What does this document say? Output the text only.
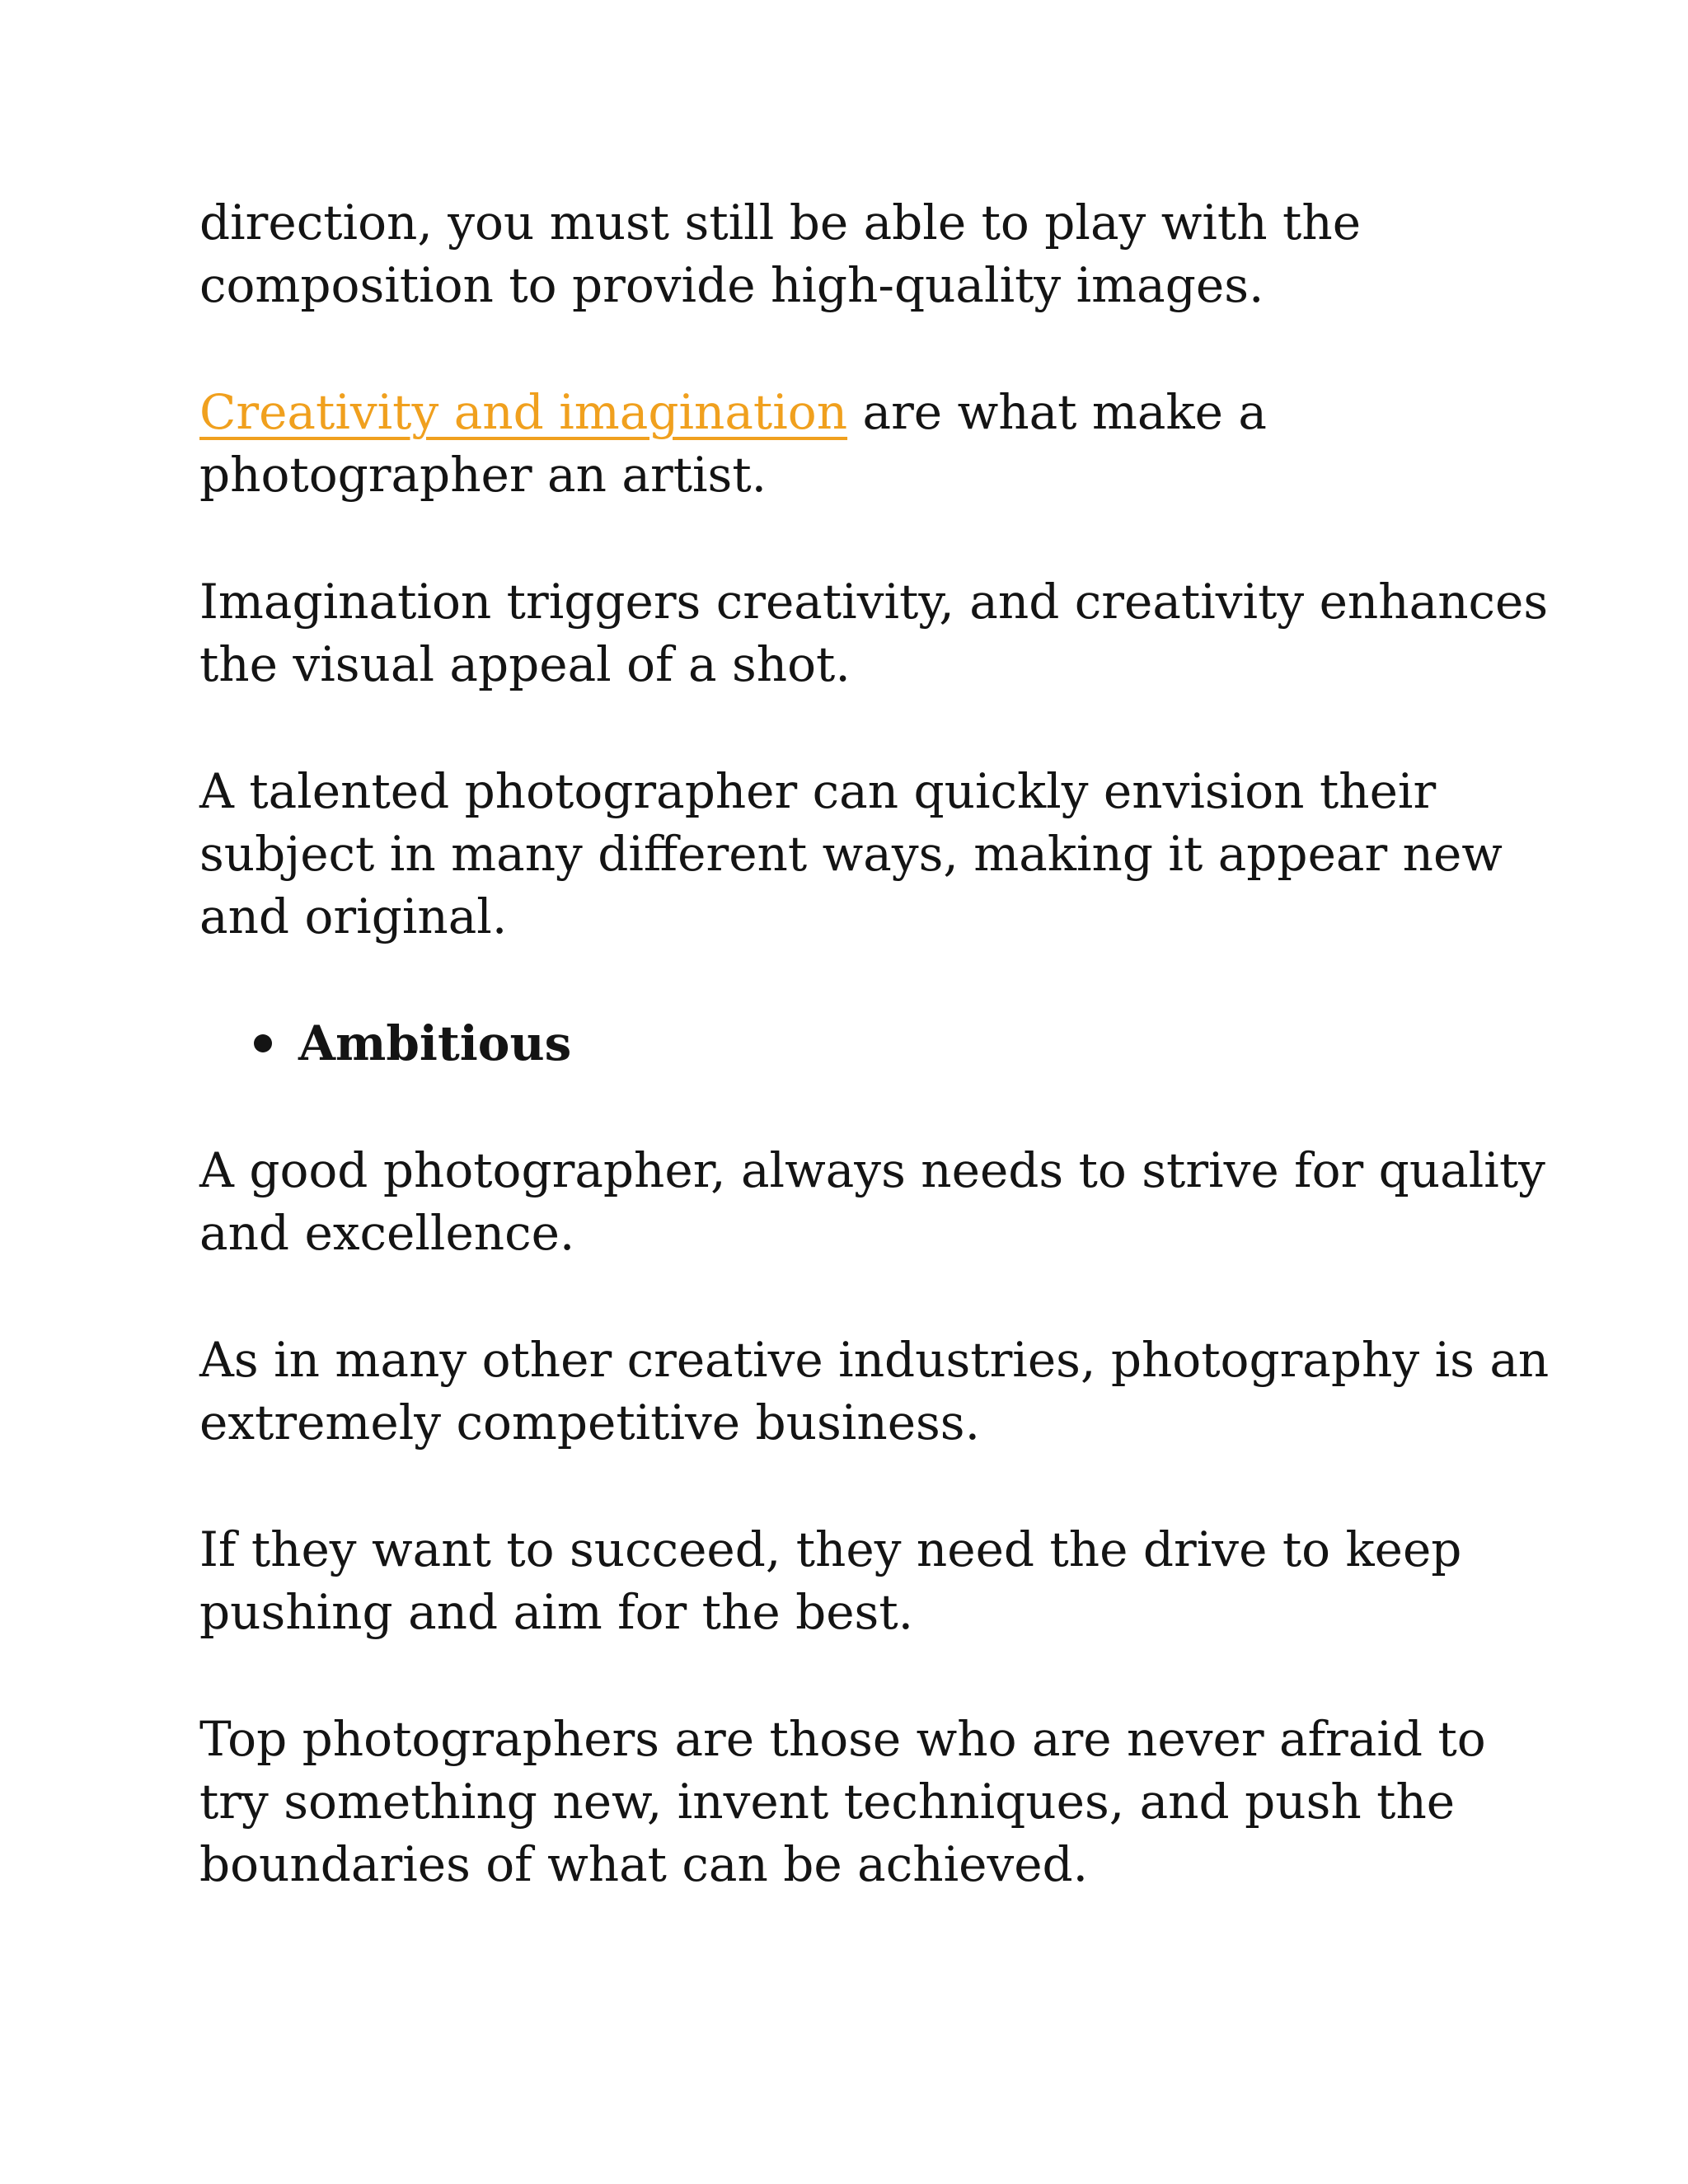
direction, you must still be able to play with the composition to provide high-quality images.

Creativity and imagination are what make a photographer an artist.

Imagination triggers creativity, and creativity enhances the visual appeal of a shot.

A talented photographer can quickly envision their subject in many different ways, making it appear new and original.

Ambitious

A good photographer, always needs to strive for quality and excellence.

As in many other creative industries, photography is an extremely competitive business.

If they want to succeed, they need the drive to keep pushing and aim for the best.

Top photographers are those who are never afraid to try something new, invent techniques, and push the boundaries of what can be achieved.
